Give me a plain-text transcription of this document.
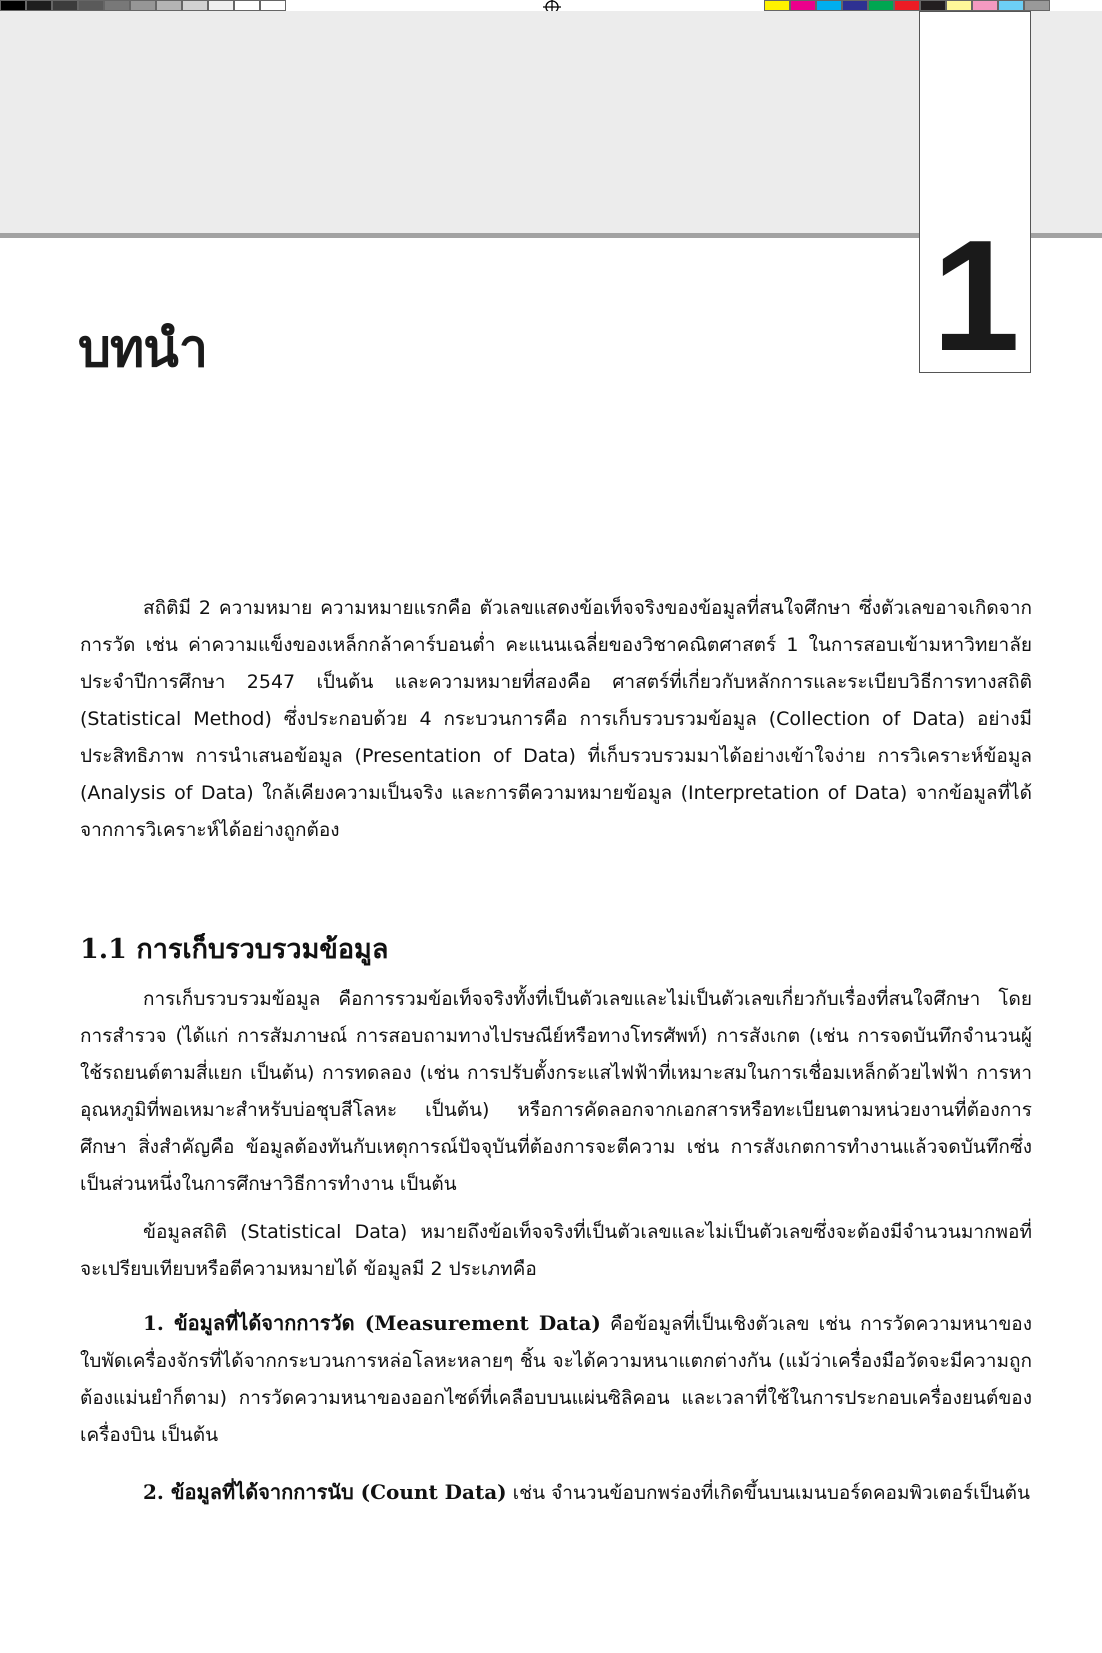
1
บทนำ

สถิติมี 2 ความหมาย ความหมายแรกคือ ตัวเลขแสดงข้อเท็จจริงของข้อมูลที่สนใจศึกษา ซึ่งตัวเลขอาจเกิดจากการวัด เช่น ค่าความแข็งของเหล็กกล้าคาร์บอนต่ำ คะแนนเฉลี่ยของวิชาคณิตศาสตร์ 1 ในการสอบเข้ามหาวิทยาลัยประจำปีการศึกษา 2547 เป็นต้น และความหมายที่สองคือ ศาสตร์ที่เกี่ยวกับหลักการและระเบียบวิธีการทางสถิติ (Statistical Method) ซึ่งประกอบด้วย 4 กระบวนการคือ การเก็บรวบรวมข้อมูล (Collection of Data) อย่างมีประสิทธิภาพ การนำเสนอข้อมูล (Presentation of Data) ที่เก็บรวบรวมมาได้อย่างเข้าใจง่าย การวิเคราะห์ข้อมูล (Analysis of Data) ใกล้เคียงความเป็นจริง และการตีความหมายข้อมูล (Interpretation of Data) จากข้อมูลที่ได้จากการวิเคราะห์ได้อย่างถูกต้อง

1.1 การเก็บรวบรวมข้อมูล

การเก็บรวบรวมข้อมูล คือการรวมข้อเท็จจริงทั้งที่เป็นตัวเลขและไม่เป็นตัวเลขเกี่ยวกับเรื่องที่สนใจศึกษา โดยการสำรวจ (ได้แก่ การสัมภาษณ์ การสอบถามทางไปรษณีย์หรือทางโทรศัพท์) การสังเกต (เช่น การจดบันทึกจำนวนผู้ใช้รถยนต์ตามสี่แยก เป็นต้น) การทดลอง (เช่น การปรับตั้งกระแสไฟฟ้าที่เหมาะสมในการเชื่อมเหล็กด้วยไฟฟ้า การหาอุณหภูมิที่พอเหมาะสำหรับบ่อชุบสีโลหะ เป็นต้น) หรือการคัดลอกจากเอกสารหรือทะเบียนตามหน่วยงานที่ต้องการศึกษา สิ่งสำคัญคือ ข้อมูลต้องทันกับเหตุการณ์ปัจจุบันที่ต้องการจะตีความ เช่น การสังเกตการทำงานแล้วจดบันทึกซึ่งเป็นส่วนหนึ่งในการศึกษาวิธีการทำงาน เป็นต้น

ข้อมูลสถิติ (Statistical Data) หมายถึงข้อเท็จจริงที่เป็นตัวเลขและไม่เป็นตัวเลขซึ่งจะต้องมีจำนวนมากพอที่จะเปรียบเทียบหรือตีความหมายได้ ข้อมูลมี 2 ประเภทคือ

1. ข้อมูลที่ได้จากการวัด (Measurement Data) คือข้อมูลที่เป็นเชิงตัวเลข เช่น การวัดความหนาของใบพัดเครื่องจักรที่ได้จากกระบวนการหล่อโลหะหลายๆ ชิ้น จะได้ความหนาแตกต่างกัน (แม้ว่าเครื่องมือวัดจะมีความถูกต้องแม่นยำก็ตาม) การวัดความหนาของออกไซด์ที่เคลือบบนแผ่นซิลิคอน และเวลาที่ใช้ในการประกอบเครื่องยนต์ของเครื่องบิน เป็นต้น

2. ข้อมูลที่ได้จากการนับ (Count Data) เช่น จำนวนข้อบกพร่องที่เกิดขึ้นบนเมนบอร์ดคอมพิวเตอร์เป็นต้น
